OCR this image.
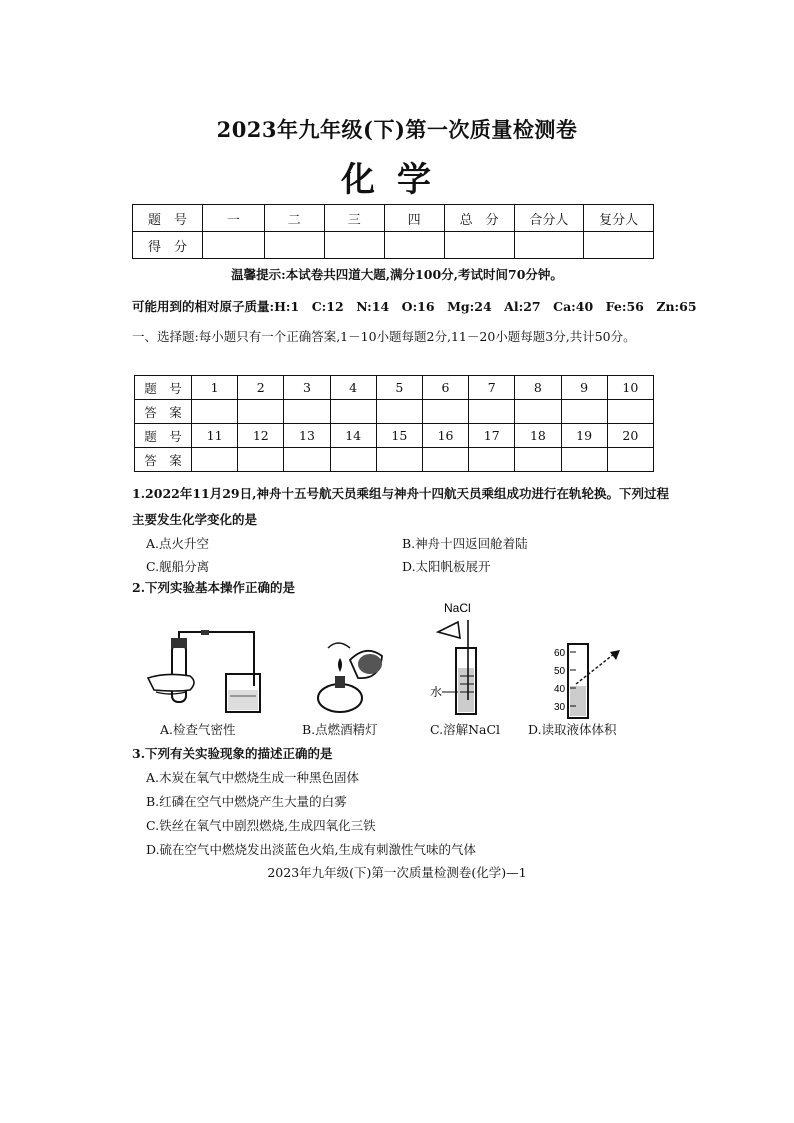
2023年九年级(下)第一次质量检测卷
化学
题　号	一	二	三	四	总　分	合分人	复分人
得　分							
温馨提示:本试卷共四道大题,满分100分,考试时间70分钟。
可能用到的相对原子质量:H:1　C:12　N:14　O:16　Mg:24　Al:27　Ca:40　Fe:56　Zn:65
一、选择题:每小题只有一个正确答案,1－10小题每题2分,11－20小题每题3分,共计50分。
题　号	1	2	3	4	5	6	7	8	9	10
答　案										
题　号	11	12	13	14	15	16	17	18	19	20
答　案										
1.2022年11月29日,神舟十五号航天员乘组与神舟十四航天员乘组成功进行在轨轮换。下列过程主要发生化学变化的是
A.点火升空	B.神舟十四返回舱着陆
C.舰船分离	D.太阳帆板展开
2.下列实验基本操作正确的是
A.检查气密性	B.点燃酒精灯
NaCl
水
C.溶解NaCl
60
50
40
30
D.读取液体体积
3.下列有关实验现象的描述正确的是
A.木炭在氧气中燃烧生成一种黑色固体
B.红磷在空气中燃烧产生大量的白雾
C.铁丝在氧气中剧烈燃烧,生成四氧化三铁
D.硫在空气中燃烧发出淡蓝色火焰,生成有刺激性气味的气体
2023年九年级(下)第一次质量检测卷(化学)—1
